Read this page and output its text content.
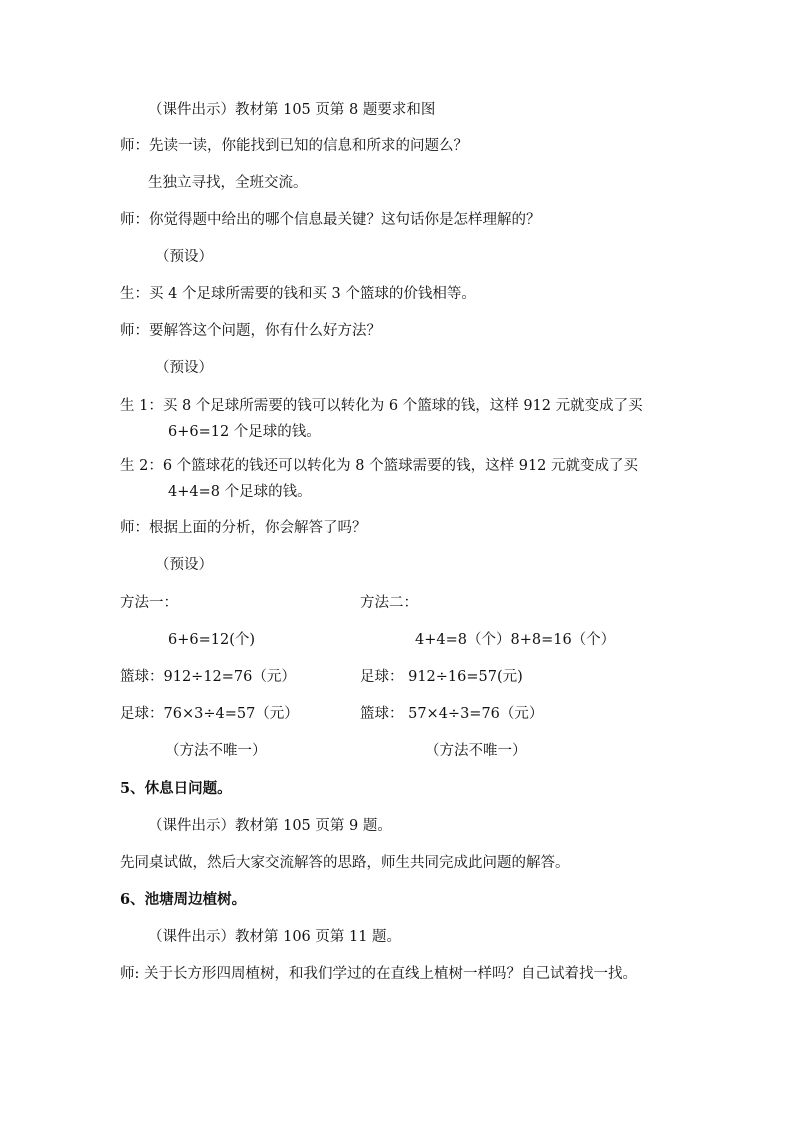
（课件出示）教材第 105 页第 8 题要求和图
师：先读一读，你能找到已知的信息和所求的问题么？
生独立寻找，全班交流。
师：你觉得题中给出的哪个信息最关键？这句话你是怎样理解的？
（预设）
生：买 4 个足球所需要的钱和买 3 个篮球的价钱相等。
师：要解答这个问题，你有什么好方法？
（预设）
生 1：买 8 个足球所需要的钱可以转化为 6 个篮球的钱，这样 912 元就变成了买
6+6=12 个足球的钱。
生 2：6 个篮球花的钱还可以转化为 8 个篮球需要的钱，这样 912 元就变成了买
4+4=8 个足球的钱。
师：根据上面的分析，你会解答了吗？
（预设）
方法一：
6+6=12(个)
篮球：912÷12=76（元）
足球：76×3÷4=57（元）
（方法不唯一）
方法二：
4+4=8（个）8+8=16（个）
足球： 912÷16=57(元)
篮球： 57×4÷3=76（元）
（方法不唯一）
5、休息日问题。
（课件出示）教材第 105 页第 9 题。
先同桌试做，然后大家交流解答的思路，师生共同完成此问题的解答。
6、池塘周边植树。
（课件出示）教材第 106 页第 11 题。
师: 关于长方形四周植树，和我们学过的在直线上植树一样吗？自己试着找一找。
